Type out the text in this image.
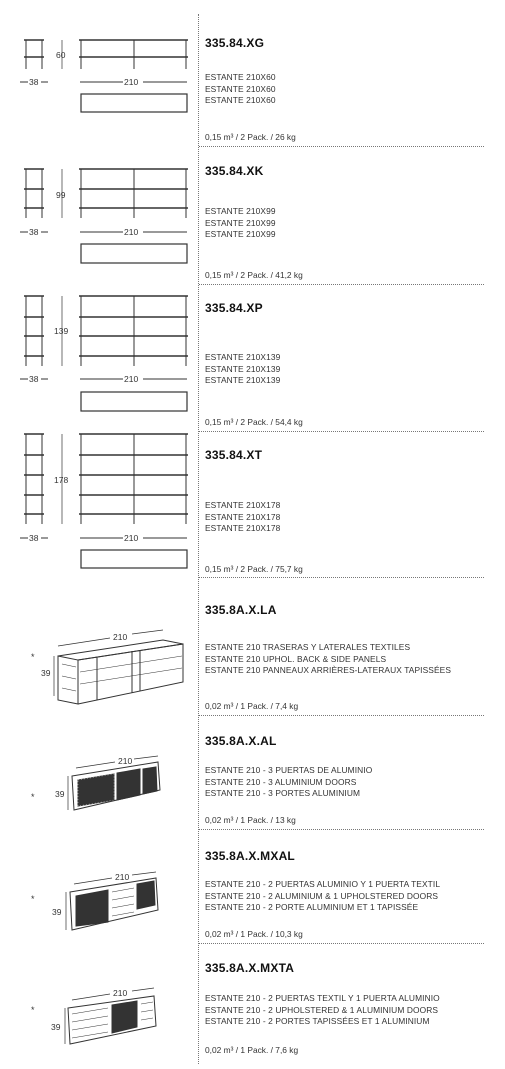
60
38	210
99
38	210
139
38	210
178
38	210
*
39
210
* 39
210
*
39
210
*
39
210
335.84.XG
ESTANTE 210X60
ESTANTE 210X60
ESTANTE 210X60
0,15 m³ / 2 Pack. / 26 kg
335.84.XK
ESTANTE 210X99
ESTANTE 210X99
ESTANTE 210X99
0,15 m³ / 2 Pack. / 41,2 kg
335.84.XP
ESTANTE 210X139
ESTANTE 210X139
ESTANTE 210X139
0,15 m³ / 2 Pack. / 54,4 kg
335.84.XT
ESTANTE 210X178
ESTANTE 210X178
ESTANTE 210X178
0,15 m³ / 2 Pack. / 75,7 kg
335.8A.X.LA
ESTANTE 210 TRASERAS Y LATERALES TEXTILES
ESTANTE 210 UPHOL. BACK & SIDE PANELS
ESTANTE 210 PANNEAUX ARRIÈRES-LATERAUX TAPISSÉES
0,02 m³ / 1 Pack. / 7,4 kg
335.8A.X.AL
ESTANTE 210 - 3 PUERTAS DE ALUMINIO
ESTANTE 210 - 3 ALUMINIUM DOORS
ESTANTE 210 - 3 PORTES ALUMINIUM
0,02 m³ / 1 Pack. / 13 kg
335.8A.X.MXAL
ESTANTE 210 - 2 PUERTAS ALUMINIO Y 1 PUERTA TEXTIL
ESTANTE 210 - 2 ALUMINIUM & 1 UPHOLSTERED DOORS
ESTANTE 210 - 2 PORTE ALUMINIUM ET 1 TAPISSÉE
0,02 m³ / 1 Pack. / 10,3 kg
335.8A.X.MXTA
ESTANTE 210 - 2 PUERTAS TEXTIL Y 1 PUERTA ALUMINIO
ESTANTE 210 - 2 UPHOLSTERED & 1 ALUMINIUM DOORS
ESTANTE 210 - 2 PORTES TAPISSÉES ET 1 ALUMINIUM
0,02 m³ / 1 Pack. / 7,6 kg
